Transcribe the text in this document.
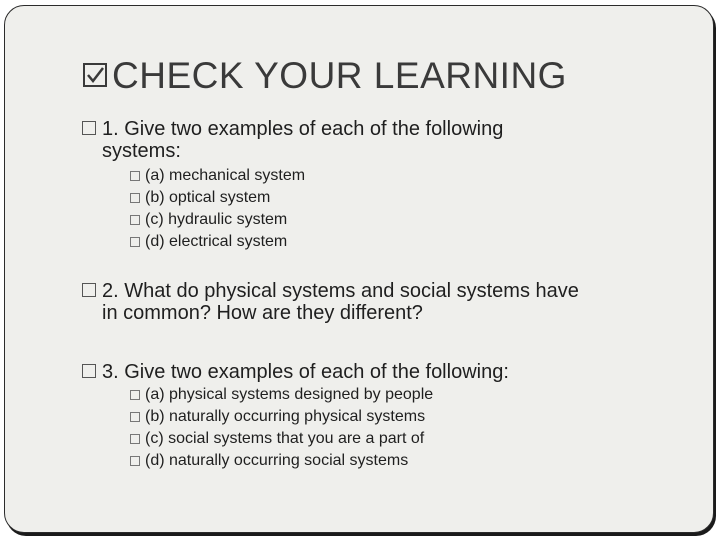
CHECK YOUR LEARNING
1. Give two examples of each of the following
systems:
(a) mechanical system
(b) optical system
(c) hydraulic system
(d) electrical system
2. What do physical systems and social systems have
in common? How are they different?
3. Give two examples of each of the following:
(a) physical systems designed by people
(b) naturally occurring physical systems
(c) social systems that you are a part of
(d) naturally occurring social systems
